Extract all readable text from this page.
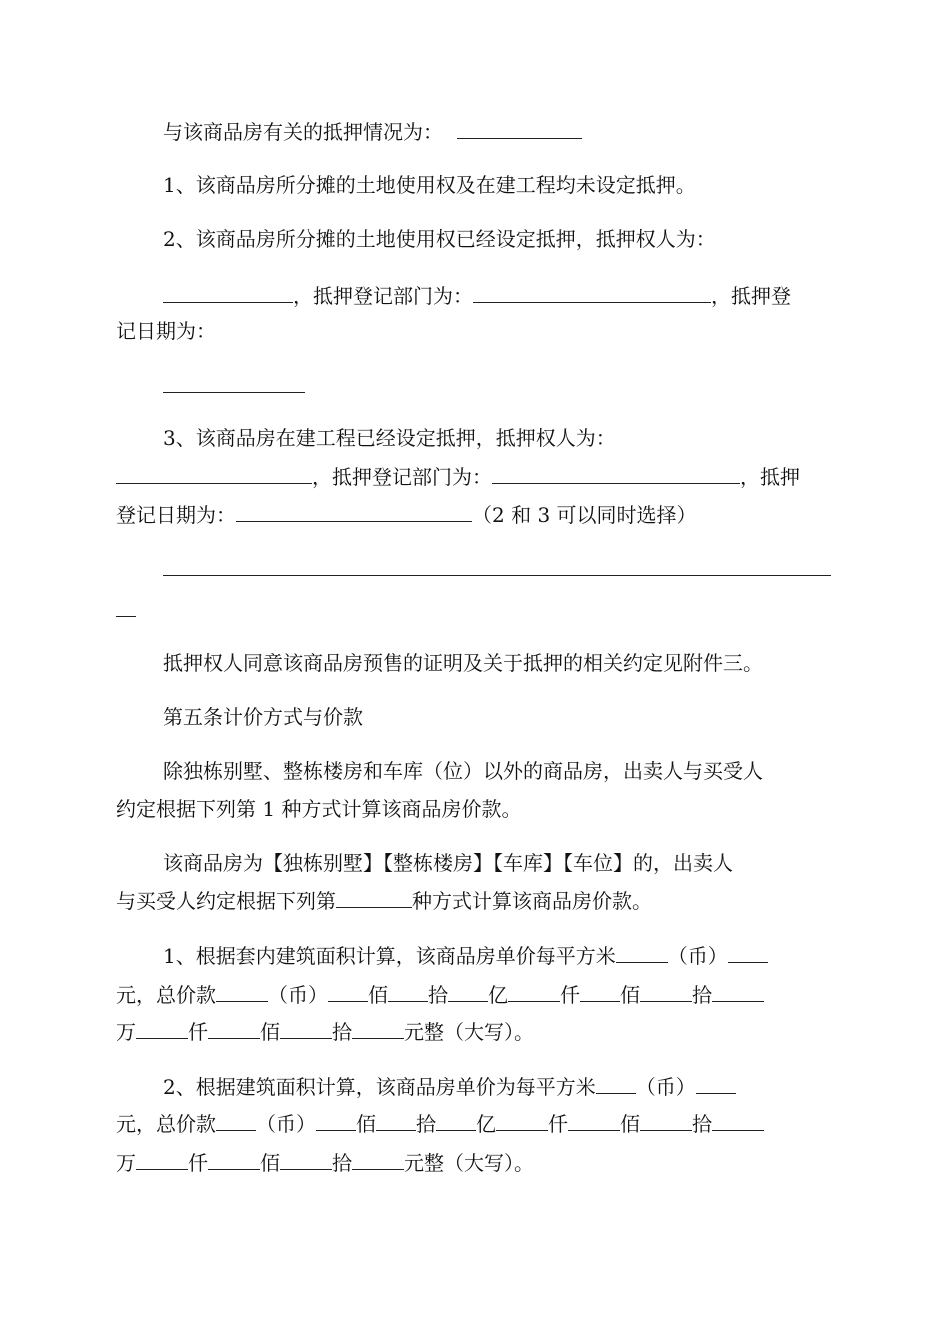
与该商品房有关的抵押情况为：
1、该商品房所分摊的土地使用权及在建工程均未设定抵押。
2、该商品房所分摊的土地使用权已经设定抵押，抵押权人为：
，抵押登记部门为：	，抵押登
记日期为：
3、该商品房在建工程已经设定抵押，抵押权人为：
，抵押登记部门为：	，抵押
登记日期为：	（2 和 3 可以同时选择）
抵押权人同意该商品房预售的证明及关于抵押的相关约定见附件三。
第五条计价方式与价款
除独栋别墅、整栋楼房和车库（位）以外的商品房，出卖人与买受人
约定根据下列第 1 种方式计算该商品房价款。
该商品房为【独栋别墅】【整栋楼房】【车库】【车位】的，出卖人
与买受人约定根据下列第	种方式计算该商品房价款。
1、根据套内建筑面积计算，该商品房单价每平方米	（币）
元，总价款	（币） 佰 拾 亿	仟 佰	拾
万	仟	佰	拾	元整（大写）。
2、根据建筑面积计算，该商品房单价为每平方米 （币）
元，总价款 （币） 佰 拾 亿	仟	佰	拾
万	仟	佰	拾	元整（大写）。
